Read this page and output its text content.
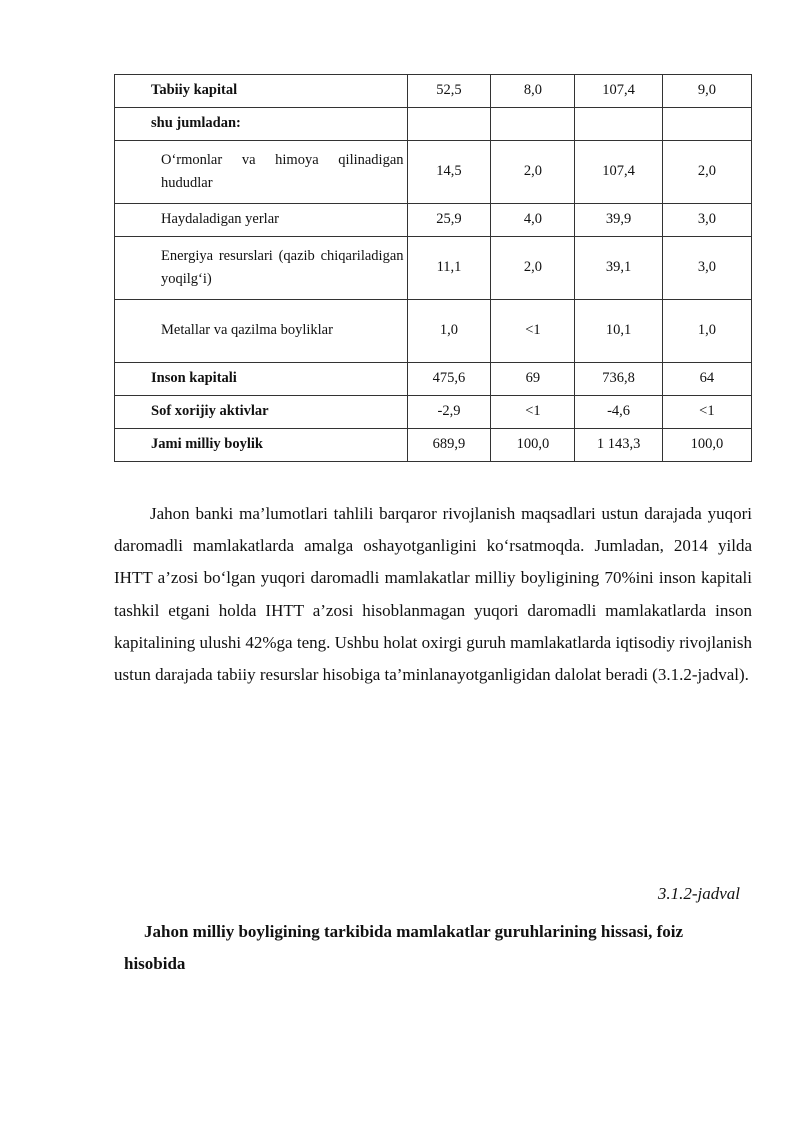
Tabiiy kapital	52,5	8,0	107,4	9,0
shu jumladan:				
O‘rmonlar va himoya qilinadigan hududlar	14,5	2,0	107,4	2,0
Haydaladigan yerlar	25,9	4,0	39,9	3,0
Energiya resurslari (qazib chiqariladigan yoqilg‘i)	11,1	2,0	39,1	3,0
Metallar va qazilma boyliklar	1,0	<1	10,1	1,0
Inson kapitali	475,6	69	736,8	64
Sof xorijiy aktivlar	-2,9	<1	-4,6	<1
Jami milliy boylik	689,9	100,0	1 143,3	100,0

Jahon banki ma’lumotlari tahlili barqaror rivojlanish maqsadlari ustun darajada yuqori daromadli mamlakatlarda amalga oshayotganligini ko‘rsatmoqda. Jumladan, 2014 yilda IHTT a’zosi bo‘lgan yuqori daromadli mamlakatlar milliy boyligining 70%ini inson kapitali tashkil etgani holda IHTT a’zosi hisoblanmagan yuqori daromadli mamlakatlarda inson kapitalining ulushi 42%ga teng. Ushbu holat oxirgi guruh mamlakatlarda iqtisodiy rivojlanish ustun darajada tabiiy resurslar hisobiga ta’minlanayotganligidan dalolat beradi (3.1.2-jadval).

3.1.2-jadval

Jahon milliy boyligining tarkibida mamlakatlar guruhlarining hissasi, foiz hisobida
